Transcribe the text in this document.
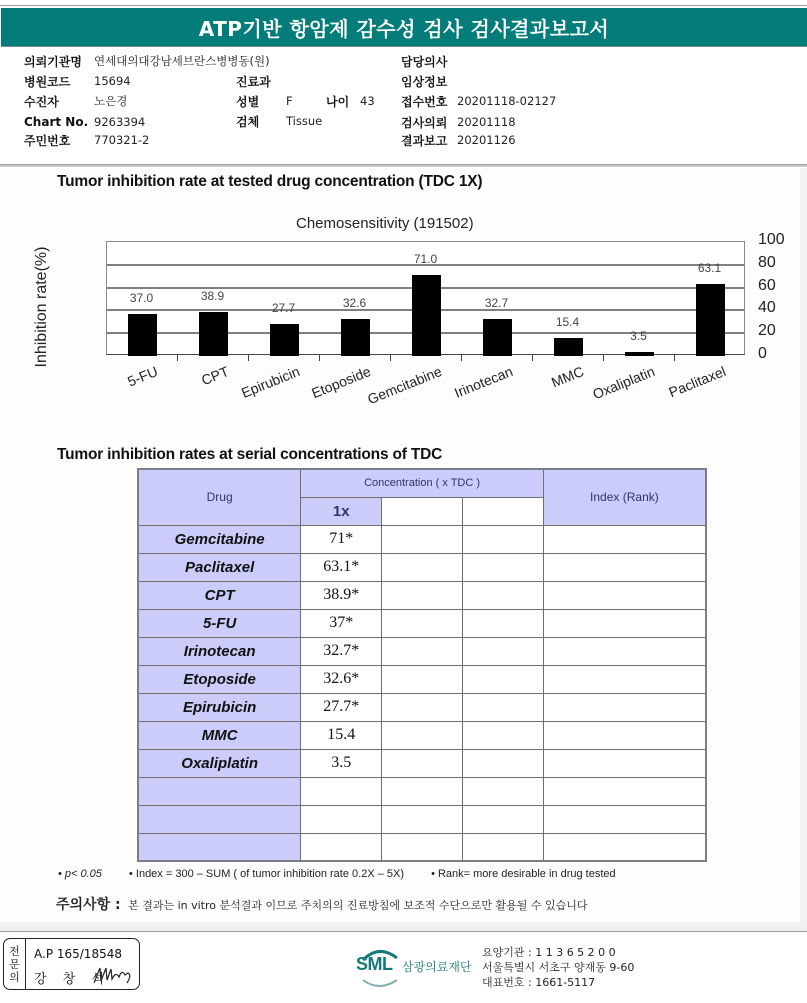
ATP기반 항암제 감수성 검사 검사결과보고서
의뢰기관명	연세대의대강남세브란스병병동(원)
병원코드	15694
수진자	노은경
Chart No. 9263394
주민번호	770321-2
진료과
성별	F	나이 43
검체	Tissue
담당의사
임상정보
접수번호 20201118-02127
검사의뢰 20201118
결과보고 20201126
Tumor inhibition rate at tested drug concentration (TDC 1X)
Chemosensitivity (191502)
Inhibition rate(%)	0
20
40
60
80
100
37.0
5-FU
38.9
CPT
27.7
Epirubicin
32.6
Etoposide
71.0
Gemcitabine
32.7
Irinotecan
15.4
MMC
3.5
Oxaliplatin
63.1
Paclitaxel
Tumor inhibition rates at serial concentrations of TDC
Drug	Concentration ( x TDC )			Index (Rank)
	1x			
Gemcitabine	71*			
Paclitaxel	63.1*			
CPT	38.9*			
5-FU	37*			
Irinotecan	32.7*			
Etoposide	32.6*			
Epirubicin	27.7*			
MMC	15.4			
Oxaliplatin	3.5			

• p< 0.05 • Index = 300 – SUM ( of tumor inhibition rate 0.2X – 5X) • Rank= more desirable in drug tested
주의사항 : 본 결과는 in vitro 분석결과 이므로 주치의의 진료방침에 보조적 수단으로만 활용될 수 있습니다
전
문
의
A.P 165/18548
강 창 석
SML 삼광의료재단
요양기관 : 1 1 3 6 5 2 0 0
서울특별시 서초구 양재동 9-60
대표번호 : 1661-5117
